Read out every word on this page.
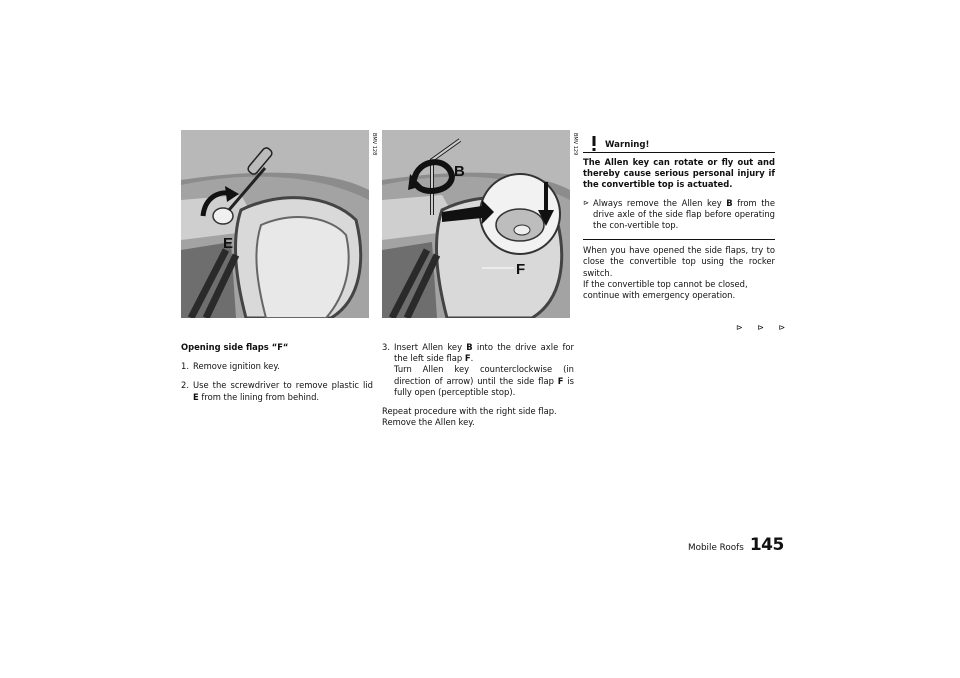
E
BMV 128
B
F
BMV 129

Opening side flaps “F“

1. Remove ignition key.

2. Use the screwdriver to remove plastic lid E from the lining from behind.

3. Insert Allen key B into the drive axle for the left side flap F.
Turn Allen key counterclockwise (in direction of arrow) until the side flap F is fully open (perceptible stop).

Repeat procedure with the right side flap.

Remove the Allen key.

Warning!

The Allen key can rotate or fly out and thereby cause serious personal injury if the convertible top is actuated.

⊳ Always remove the Allen key B from the drive axle of the side flap before operating the con-vertible top.

When you have opened the side flaps, try to close the convertible top using the rocker switch.

If the convertible top cannot be closed, continue with emergency operation.

⊳ ⊳ ⊳
Mobile Roofs 145
